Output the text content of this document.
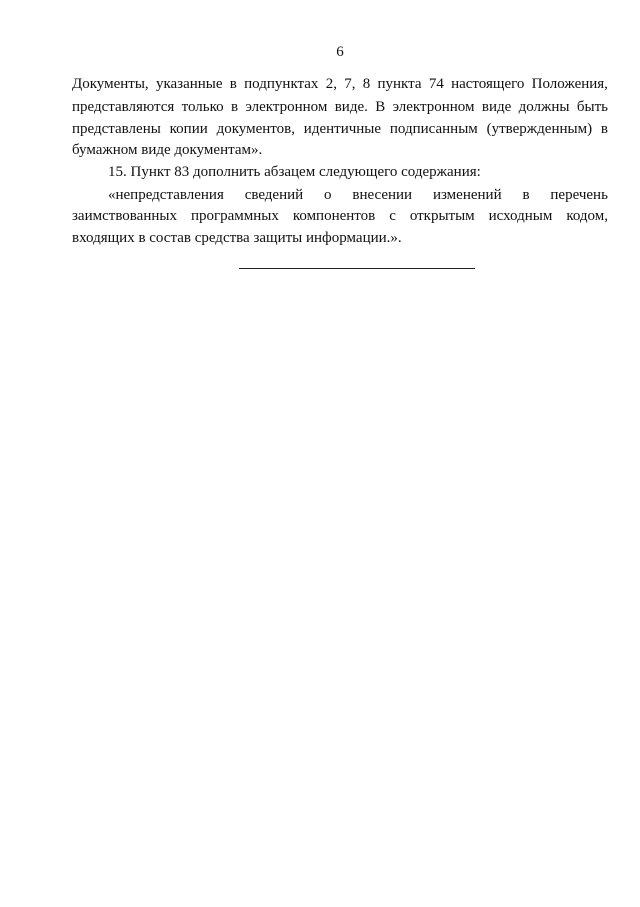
6
Документы, указанные в подпунктах 2, 7, 8 пункта 74 настоящего Положения,
представляются только в электронном виде. В электронном виде должны быть
представлены копии документов, идентичные подписанным (утвержденным) в
бумажном виде документам».
15. Пункт 83 дополнить абзацем следующего содержания:
«непредставления сведений о внесении изменений в перечень
заимствованных программных компонентов с открытым исходным кодом,
входящих в состав средства защиты информации.».
